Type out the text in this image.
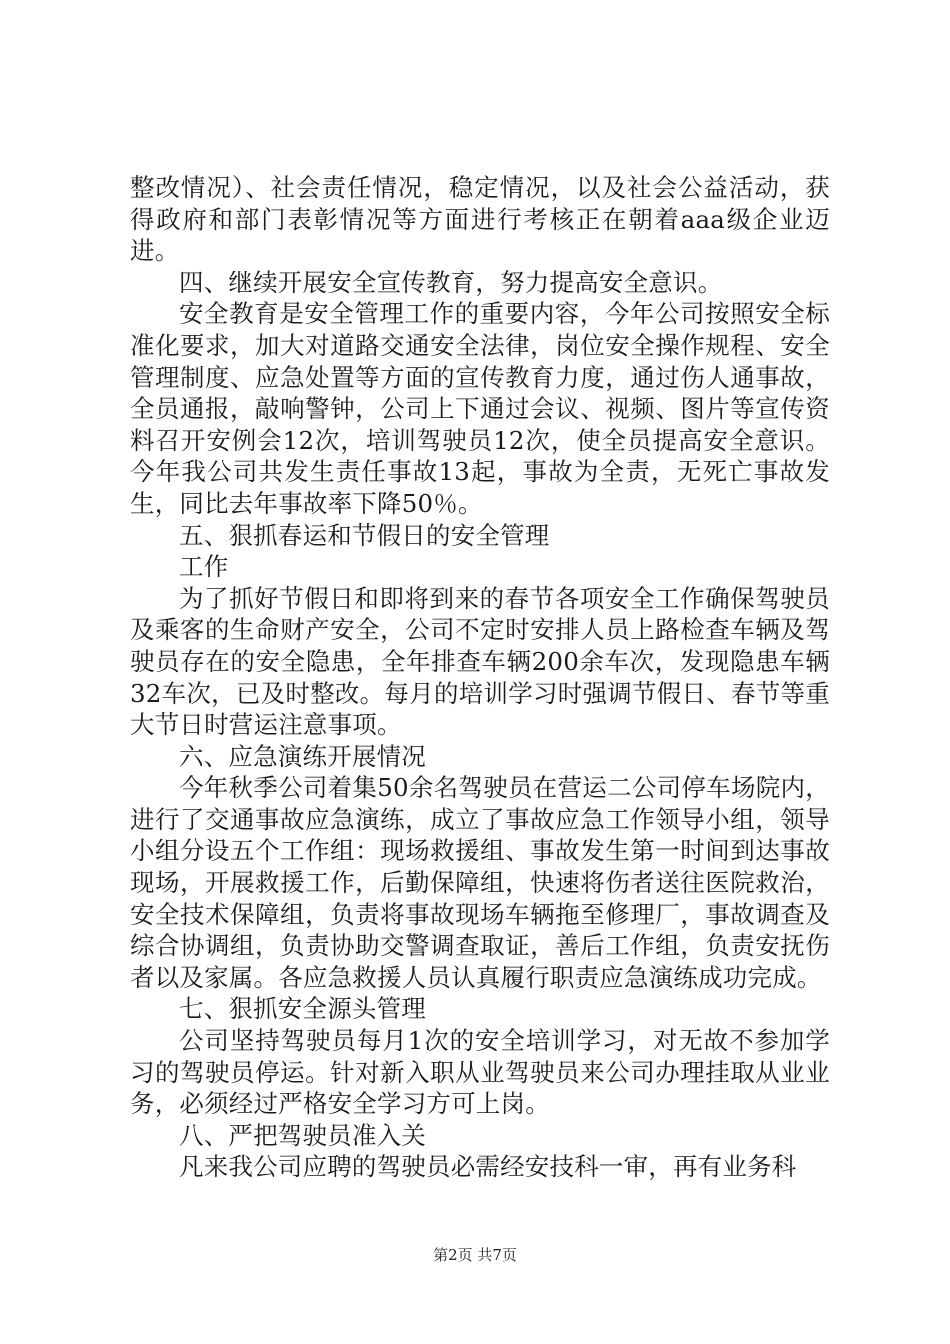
整改情况）、社会责任情况，稳定情况，以及社会公益活动，获得政府和部门表彰情况等方面进行考核正在朝着aaa级企业迈进。

四、继续开展安全宣传教育，努力提高安全意识。

安全教育是安全管理工作的重要内容，今年公司按照安全标准化要求，加大对道路交通安全法律，岗位安全操作规程、安全管理制度、应急处置等方面的宣传教育力度，通过伤人通事故，全员通报，敲响警钟，公司上下通过会议、视频、图片等宣传资料召开安例会12次，培训驾驶员12次，使全员提高安全意识。今年我公司共发生责任事故13起，事故为全责，无死亡事故发生，同比去年事故率下降50％。

五、狠抓春运和节假日的安全管理

工作

为了抓好节假日和即将到来的春节各项安全工作确保驾驶员及乘客的生命财产安全，公司不定时安排人员上路检查车辆及驾驶员存在的安全隐患，全年排查车辆200余车次，发现隐患车辆32车次，已及时整改。每月的培训学习时强调节假日、春节等重大节日时营运注意事项。

六、应急演练开展情况

今年秋季公司着集50余名驾驶员在营运二公司停车场院内，进行了交通事故应急演练，成立了事故应急工作领导小组，领导小组分设五个工作组：现场救援组、事故发生第一时间到达事故现场，开展救援工作，后勤保障组，快速将伤者送往医院救治，安全技术保障组，负责将事故现场车辆拖至修理厂，事故调查及综合协调组，负责协助交警调查取证，善后工作组，负责安抚伤者以及家属。各应急救援人员认真履行职责应急演练成功完成。

七、狠抓安全源头管理

公司坚持驾驶员每月1次的安全培训学习，对无故不参加学习的驾驶员停运。针对新入职从业驾驶员来公司办理挂取从业业务，必须经过严格安全学习方可上岗。

八、严把驾驶员准入关

凡来我公司应聘的驾驶员必需经安技科一审，再有业务科

第2页 共7页
